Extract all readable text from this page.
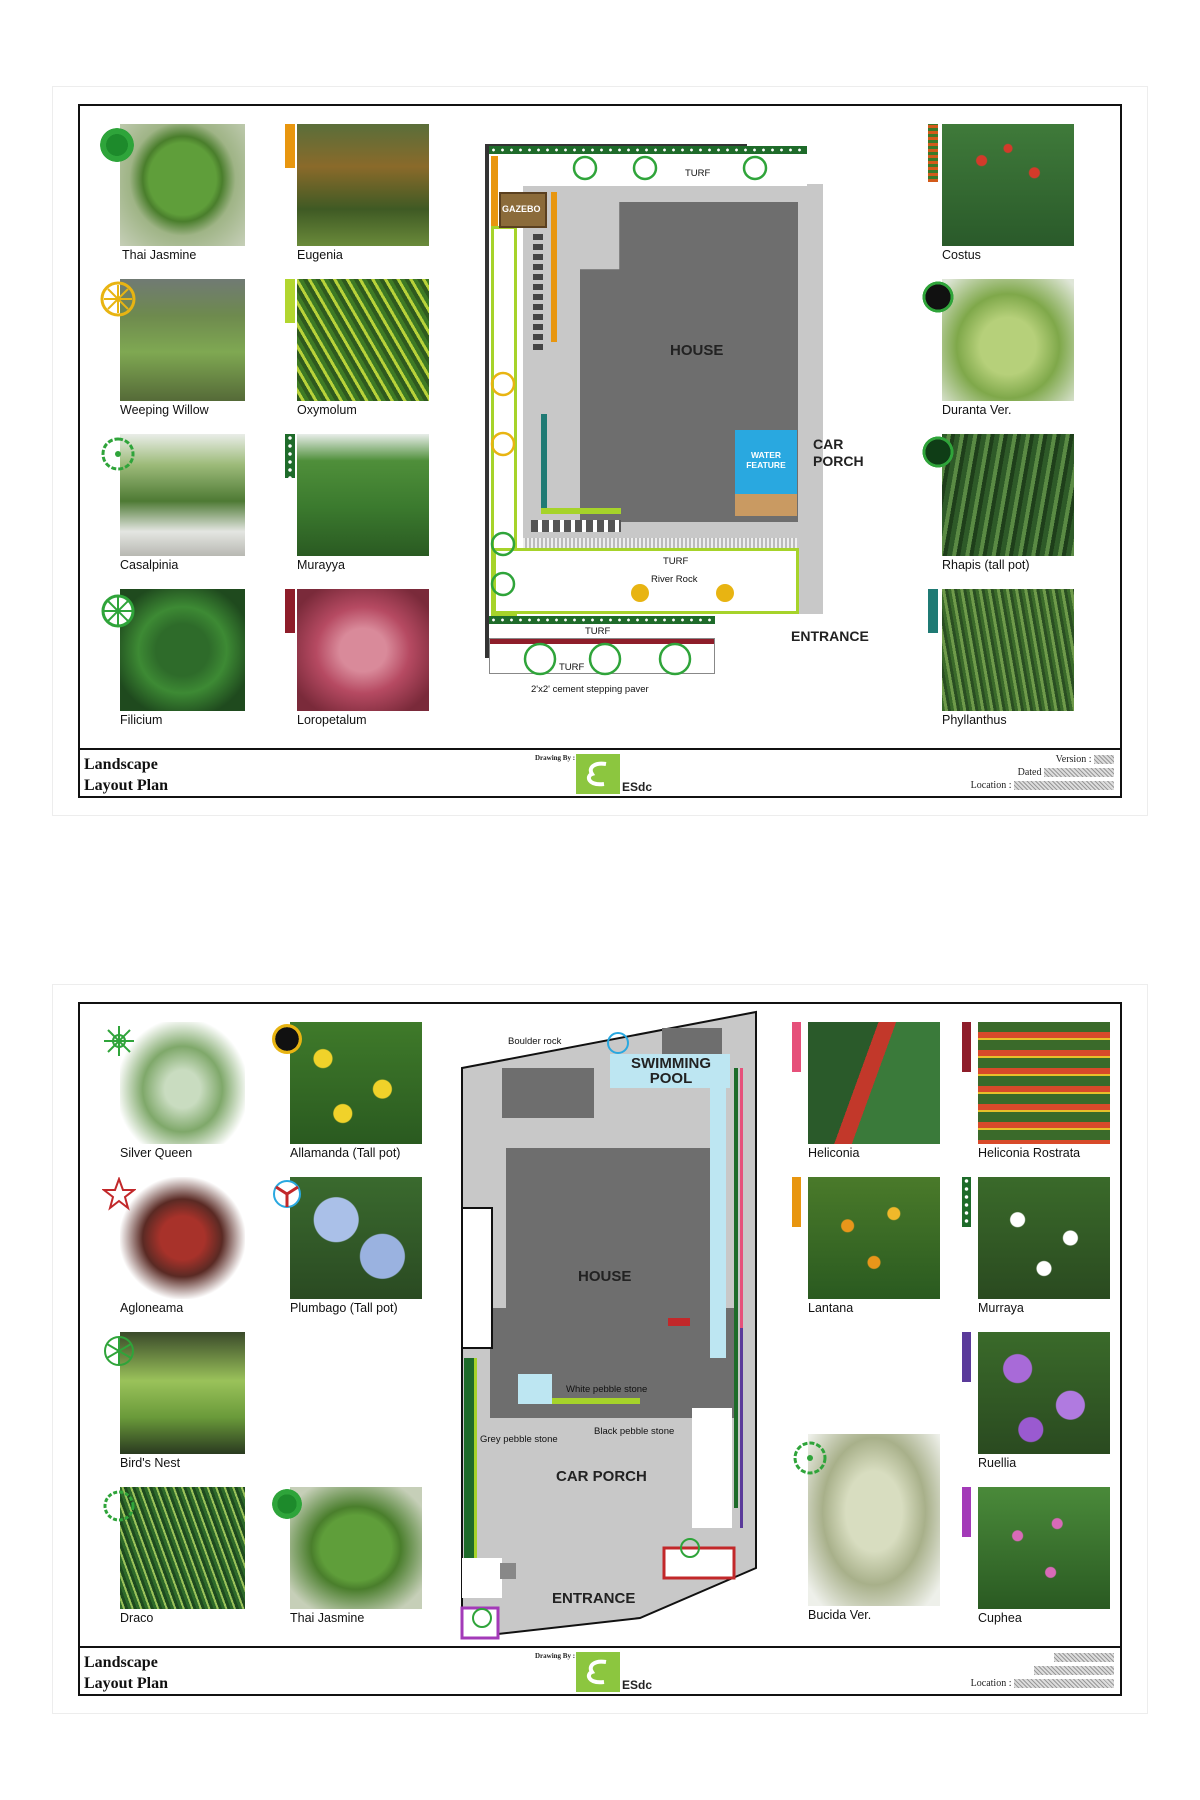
Thai Jasmine
Weeping Willow
Casalpinia
Filicium
Eugenia
Oxymolum
Murayya
Loropetalum
Costus
Duranta Ver.
Rhapis (tall pot)
Phyllanthus
HOUSE
GAZEBO
WATER FEATURE
CAR PORCH
TURF
River Rock
TURF
TURF
TURF
2'x2' cement stepping paver
ENTRANCE
Landscape
Layout Plan
Drawing By :
ESdc
Version :
Dated
Location :
Silver Queen
Agloneama
Bird's Nest
Draco
Allamanda (Tall pot)
Plumbago (Tall pot)
Thai Jasmine
Heliconia
Lantana
Bucida Ver.
Heliconia Rostrata
Murraya
Ruellia
Cuphea
SWIMMING POOL
Boulder rock
HOUSE
White pebble stone
Black pebble stone
Grey pebble stone
CAR PORCH
ENTRANCE
Landscape
Layout Plan
Drawing By :
ESdc	Location :
